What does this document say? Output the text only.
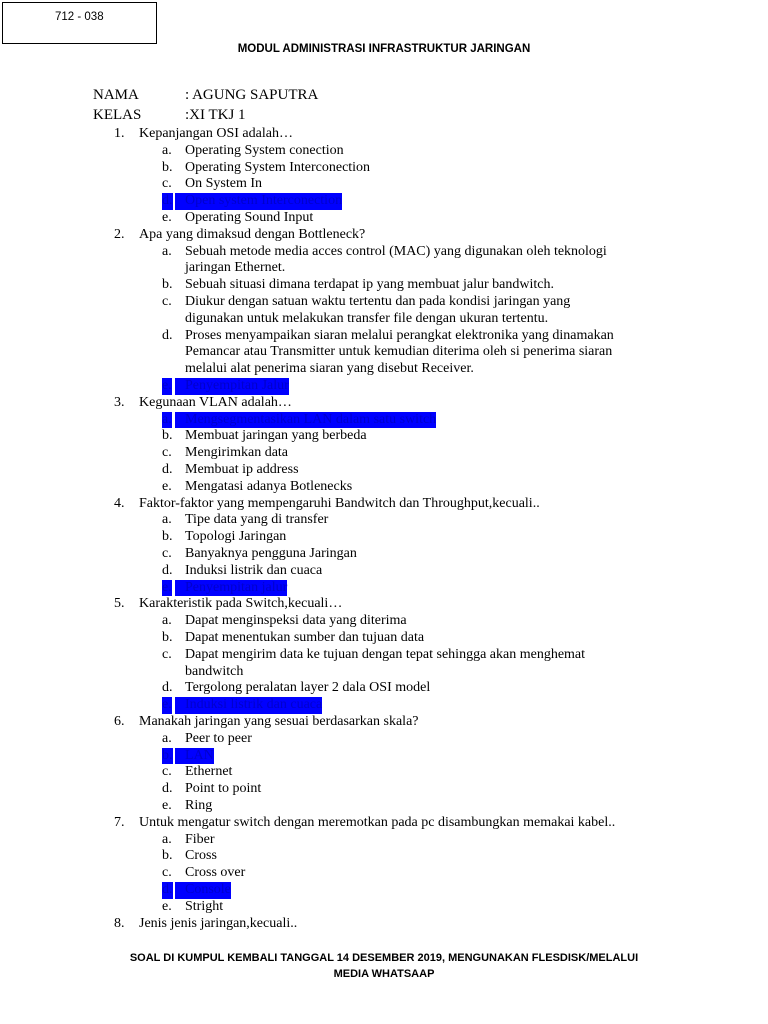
712 - 038
MODUL ADMINISTRASI INFRASTRUKTUR JARINGAN
NAMA	: AGUNG SAPUTRA
KELAS	:XI TKJ 1
1. Kepanjangan OSI adalah…
a. Operating System conection
b. Operating System Interconection
c. On System In
d. Open system Interconection
e. Operating Sound Input
2. Apa yang dimaksud dengan Bottleneck?
a. Sebuah metode media acces control (MAC) yang digunakan oleh teknologi
jaringan Ethernet.
b. Sebuah situasi dimana terdapat ip yang membuat jalur bandwitch.
c. Diukur dengan satuan waktu tertentu dan pada kondisi jaringan yang
digunakan untuk melakukan transfer file dengan ukuran tertentu.
d. Proses menyampaikan siaran melalui perangkat elektronika yang dinamakan
Pemancar atau Transmitter untuk kemudian diterima oleh si penerima siaran
melalui alat penerima siaran yang disebut Receiver.
e. Penyempitan Jalur
3. Kegunaan VLAN adalah…
a. Mengsegmentasikan LAN dalam satu switch
b. Membuat jaringan yang berbeda
c. Mengirimkan data
d. Membuat ip address
e. Mengatasi adanya Botlenecks
4. Faktor-faktor yang mempengaruhi Bandwitch dan Throughput,kecuali..
a. Tipe data yang di transfer
b. Topologi Jaringan
c. Banyaknya pengguna Jaringan
d. Induksi listrik dan cuaca
e. Penyempitan jalur
5. Karakteristik pada Switch,kecuali…
a. Dapat menginspeksi data yang diterima
b. Dapat menentukan sumber dan tujuan data
c. Dapat mengirim data ke tujuan dengan tepat sehingga akan menghemat
bandwitch
d. Tergolong peralatan layer 2 dala OSI model
e. Induksi listrik dan cuaca
6. Manakah jaringan yang sesuai berdasarkan skala?
a. Peer to peer
b. LAN
c. Ethernet
d. Point to point
e. Ring
7. Untuk mengatur switch dengan meremotkan pada pc disambungkan memakai kabel..
a. Fiber
b. Cross
c. Cross over
d. Console
e. Stright
8. Jenis jenis jaringan,kecuali..
SOAL DI KUMPUL KEMBALI TANGGAL 14 DESEMBER 2019, MENGUNAKAN FLESDISK/MELALUI
MEDIA WHATSAAP
